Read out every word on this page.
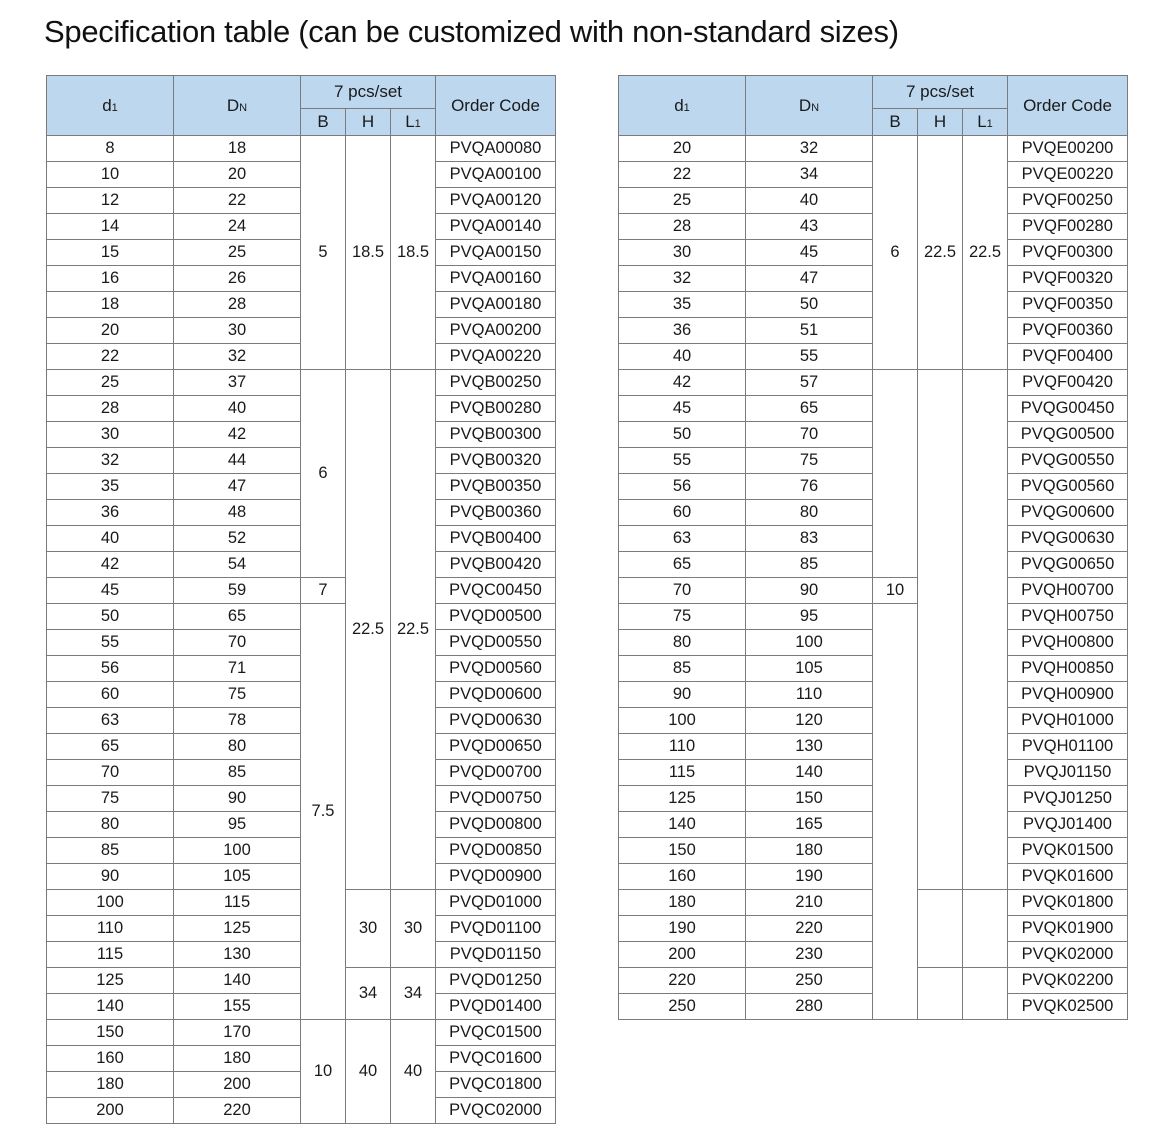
Specification table (can be customized with non-standard sizes)
d1	DN	7 pcs/set			Order Code
		B	H	L1	
8	18	5	18.5	18.5	PVQA00080
10	20				PVQA00100
12	22				PVQA00120
14	24				PVQA00140
15	25				PVQA00150
16	26				PVQA00160
18	28				PVQA00180
20	30				PVQA00200
22	32				PVQA00220
25	37	6	22.5	22.5	PVQB00250
28	40				PVQB00280
30	42				PVQB00300
32	44				PVQB00320
35	47				PVQB00350
36	48				PVQB00360
40	52				PVQB00400
42	54				PVQB00420
45	59	7			PVQC00450
50	65	7.5			PVQD00500
55	70				PVQD00550
56	71				PVQD00560
60	75				PVQD00600
63	78				PVQD00630
65	80				PVQD00650
70	85				PVQD00700
75	90				PVQD00750
80	95				PVQD00800
85	100				PVQD00850
90	105				PVQD00900
100	115		30	30	PVQD01000
110	125				PVQD01100
115	130				PVQD01150
125	140		34	34	PVQD01250
140	155				PVQD01400
150	170	10	40	40	PVQC01500
160	180				PVQC01600
180	200				PVQC01800
200	220				PVQC02000
d1	DN	7 pcs/set			Order Code
		B	H	L1	
20	32	6	22.5	22.5	PVQE00200
22	34				PVQE00220
25	40				PVQF00250
28	43				PVQF00280
30	45				PVQF00300
32	47				PVQF00320
35	50				PVQF00350
36	51				PVQF00360
40	55				PVQF00400
42	57				PVQF00420
45	65				PVQG00450
50	70				PVQG00500
55	75				PVQG00550
56	76				PVQG00560
60	80				PVQG00600
63	83				PVQG00630
65	85				PVQG00650
70	90	10			PVQH00700
75	95				PVQH00750
80	100				PVQH00800
85	105				PVQH00850
90	110				PVQH00900
100	120				PVQH01000
110	130				PVQH01100
115	140				PVQJ01150
125	150				PVQJ01250
140	165				PVQJ01400
150	180				PVQK01500
160	190				PVQK01600
180	210				PVQK01800
190	220				PVQK01900
200	230				PVQK02000
220	250				PVQK02200
250	280				PVQK02500
